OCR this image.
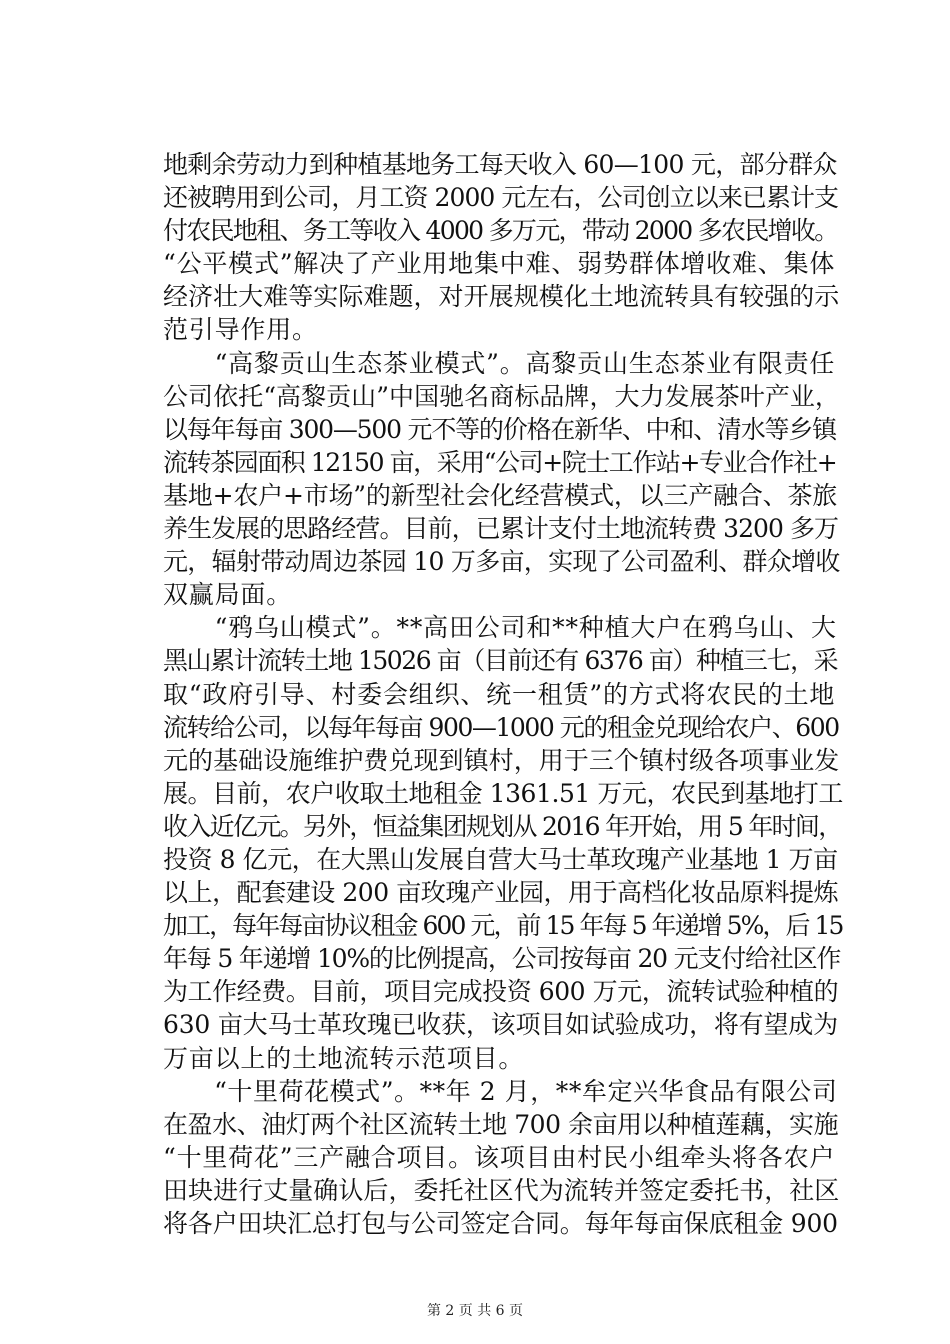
地剩余劳动力到种植基地务工每天收入 60—100 元，部分群众
还被聘用到公司，月工资 2000 元左右，公司创立以来已累计支
付农民地租、务工等收入 4000 多万元，带动 2000 多农民增收。
“公平模式”解决了产业用地集中难、弱势群体增收难、集体
经济壮大难等实际难题，对开展规模化土地流转具有较强的示
范引导作用。
　　“高黎贡山生态茶业模式”。高黎贡山生态茶业有限责任
公司依托“高黎贡山”中国驰名商标品牌，大力发展茶叶产业，
以每年每亩 300—500 元不等的价格在新华、中和、清水等乡镇
流转茶园面积 12150 亩，采用“公司+院士工作站+专业合作社+
基地+农户+市场”的新型社会化经营模式，以三产融合、茶旅
养生发展的思路经营。目前，已累计支付土地流转费 3200 多万
元，辐射带动周边茶园 10 万多亩，实现了公司盈利、群众增收
双赢局面。
　　“鸦乌山模式”。**高田公司和**种植大户在鸦乌山、大
黑山累计流转土地 15026 亩（目前还有 6376 亩）种植三七，采
取“政府引导、村委会组织、统一租赁”的方式将农民的土地
流转给公司，以每年每亩 900—1000 元的租金兑现给农户、600
元的基础设施维护费兑现到镇村，用于三个镇村级各项事业发
展。目前，农户收取土地租金 1361.51 万元，农民到基地打工
收入近亿元。另外，恒益集团规划从 2016 年开始，用 5 年时间，
投资 8 亿元，在大黑山发展自营大马士革玫瑰产业基地 1 万亩
以上，配套建设 200 亩玫瑰产业园，用于高档化妆品原料提炼
加工，每年每亩协议租金 600 元，前 15 年每 5 年递增 5%，后 15
年每 5 年递增 10%的比例提高，公司按每亩 20 元支付给社区作
为工作经费。目前，项目完成投资 600 万元，流转试验种植的
630 亩大马士革玫瑰已收获，该项目如试验成功，将有望成为
万亩以上的土地流转示范项目。
　　“十里荷花模式”。**年 2 月，**牟定兴华食品有限公司
在盈水、油灯两个社区流转土地 700 余亩用以种植莲藕，实施
“十里荷花”三产融合项目。该项目由村民小组牵头将各农户
田块进行丈量确认后，委托社区代为流转并签定委托书，社区
将各户田块汇总打包与公司签定合同。每年每亩保底租金 900
第 2 页 共 6 页
